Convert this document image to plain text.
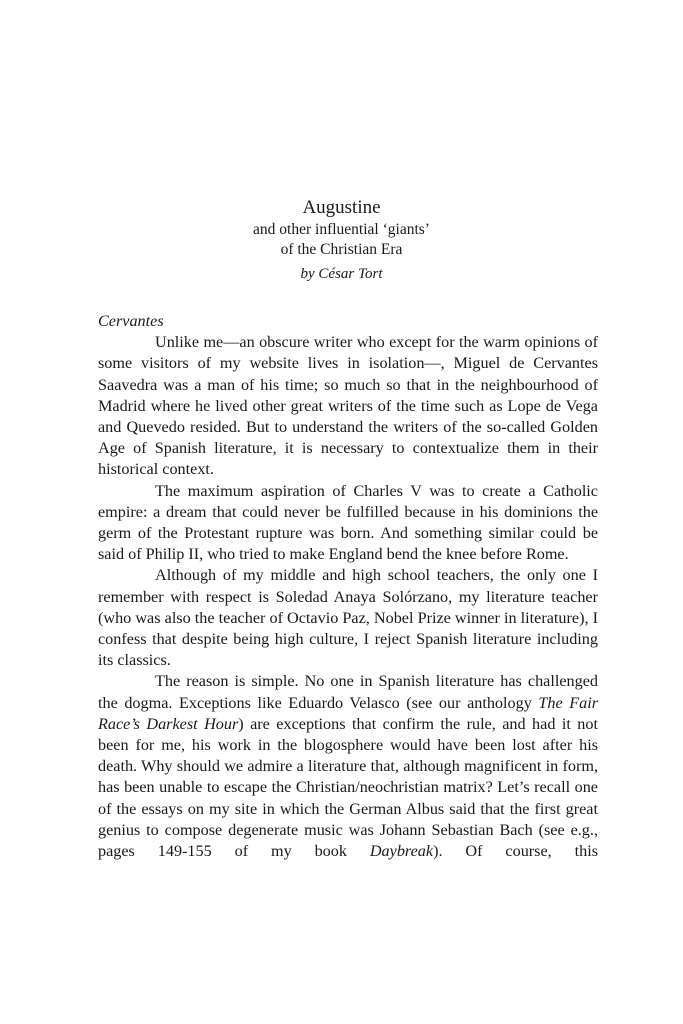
Augustine
and other influential ‘giants’
of the Christian Era
by César Tort

Cervantes

Unlike me—an obscure writer who except for the warm opinions of some visitors of my website lives in isolation—, Miguel de Cervantes Saavedra was a man of his time; so much so that in the neighbourhood of Madrid where he lived other great writers of the time such as Lope de Vega and Quevedo resided. But to understand the writers of the so-called Golden Age of Spanish literature, it is necessary to contextualize them in their historical context.

The maximum aspiration of Charles V was to create a Catholic empire: a dream that could never be fulfilled because in his dominions the germ of the Protestant rupture was born. And something similar could be said of Philip II, who tried to make England bend the knee before Rome.

Although of my middle and high school teachers, the only one I remember with respect is Soledad Anaya Solórzano, my literature teacher (who was also the teacher of Octavio Paz, Nobel Prize winner in literature), I confess that despite being high culture, I reject Spanish literature including its classics.

The reason is simple. No one in Spanish literature has challenged the dogma. Exceptions like Eduardo Velasco (see our anthology The Fair Race’s Darkest Hour) are exceptions that confirm the rule, and had it not been for me, his work in the blogosphere would have been lost after his death. Why should we admire a literature that, although magnificent in form, has been unable to escape the Christian/neochristian matrix? Let’s recall one of the essays on my site in which the German Albus said that the first great genius to compose degenerate music was Johann Sebastian Bach (see e.g., pages 149-155 of my book Daybreak). Of course, this
